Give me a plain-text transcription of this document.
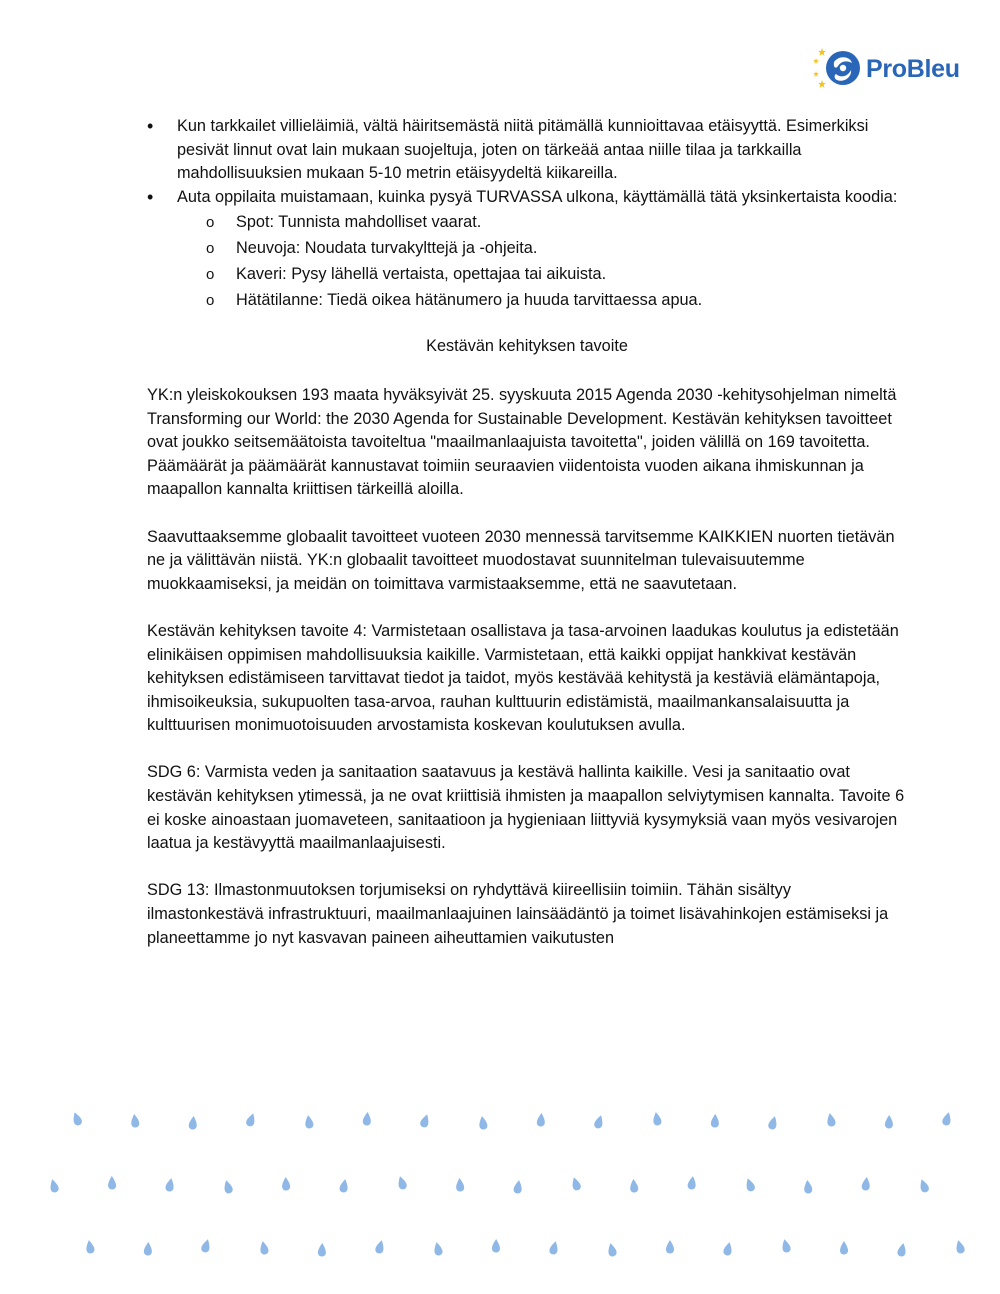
ProBleu
• Kun tarkkailet villieläimiä, vältä häiritsemästä niitä pitämällä kunnioittavaa etäisyyttä. Esimerkiksi pesivät linnut ovat lain mukaan suojeltuja, joten on tärkeää antaa niille tilaa ja tarkkailla mahdollisuuksien mukaan 5-10 metrin etäisyydeltä kiikareilla.
• Auta oppilaita muistamaan, kuinka pysyä TURVASSA ulkona, käyttämällä tätä yksinkertaista koodia:
o Spot: Tunnista mahdolliset vaarat.
o Neuvoja: Noudata turvakylttejä ja -ohjeita.
o Kaveri: Pysy lähellä vertaista, opettajaa tai aikuista.
o Hätätilanne: Tiedä oikea hätänumero ja huuda tarvittaessa apua.

Kestävän kehityksen tavoite

YK:n yleiskokouksen 193 maata hyväksyivät 25. syyskuuta 2015 Agenda 2030 -kehitysohjelman nimeltä Transforming our World: the 2030 Agenda for Sustainable Development. Kestävän kehityksen tavoitteet ovat joukko seitsemäätoista tavoiteltua "maailmanlaajuista tavoitetta", joiden välillä on 169 tavoitetta. Päämäärät ja päämäärät kannustavat toimiin seuraavien viidentoista vuoden aikana ihmiskunnan ja maapallon kannalta kriittisen tärkeillä aloilla.

Saavuttaaksemme globaalit tavoitteet vuoteen 2030 mennessä tarvitsemme KAIKKIEN nuorten tietävän ne ja välittävän niistä. YK:n globaalit tavoitteet muodostavat suunnitelman tulevaisuutemme muokkaamiseksi, ja meidän on toimittava varmistaaksemme, että ne saavutetaan.

Kestävän kehityksen tavoite 4: Varmistetaan osallistava ja tasa-arvoinen laadukas koulutus ja edistetään elinikäisen oppimisen mahdollisuuksia kaikille. Varmistetaan, että kaikki oppijat hankkivat kestävän kehityksen edistämiseen tarvittavat tiedot ja taidot, myös kestävää kehitystä ja kestäviä elämäntapoja, ihmisoikeuksia, sukupuolten tasa-arvoa, rauhan kulttuurin edistämistä, maailmankansalaisuutta ja kulttuurisen monimuotoisuuden arvostamista koskevan koulutuksen avulla.

SDG 6: Varmista veden ja sanitaation saatavuus ja kestävä hallinta kaikille. Vesi ja sanitaatio ovat kestävän kehityksen ytimessä, ja ne ovat kriittisiä ihmisten ja maapallon selviytymisen kannalta. Tavoite 6 ei koske ainoastaan juomaveteen, sanitaatioon ja hygieniaan liittyviä kysymyksiä vaan myös vesivarojen laatua ja kestävyyttä maailmanlaajuisesti.

SDG 13: Ilmastonmuutoksen torjumiseksi on ryhdyttävä kiireellisiin toimiin. Tähän sisältyy ilmastonkestävä infrastruktuuri, maailmanlaajuinen lainsäädäntö ja toimet lisävahinkojen estämiseksi ja planeettamme jo nyt kasvavan paineen aiheuttamien vaikutusten
